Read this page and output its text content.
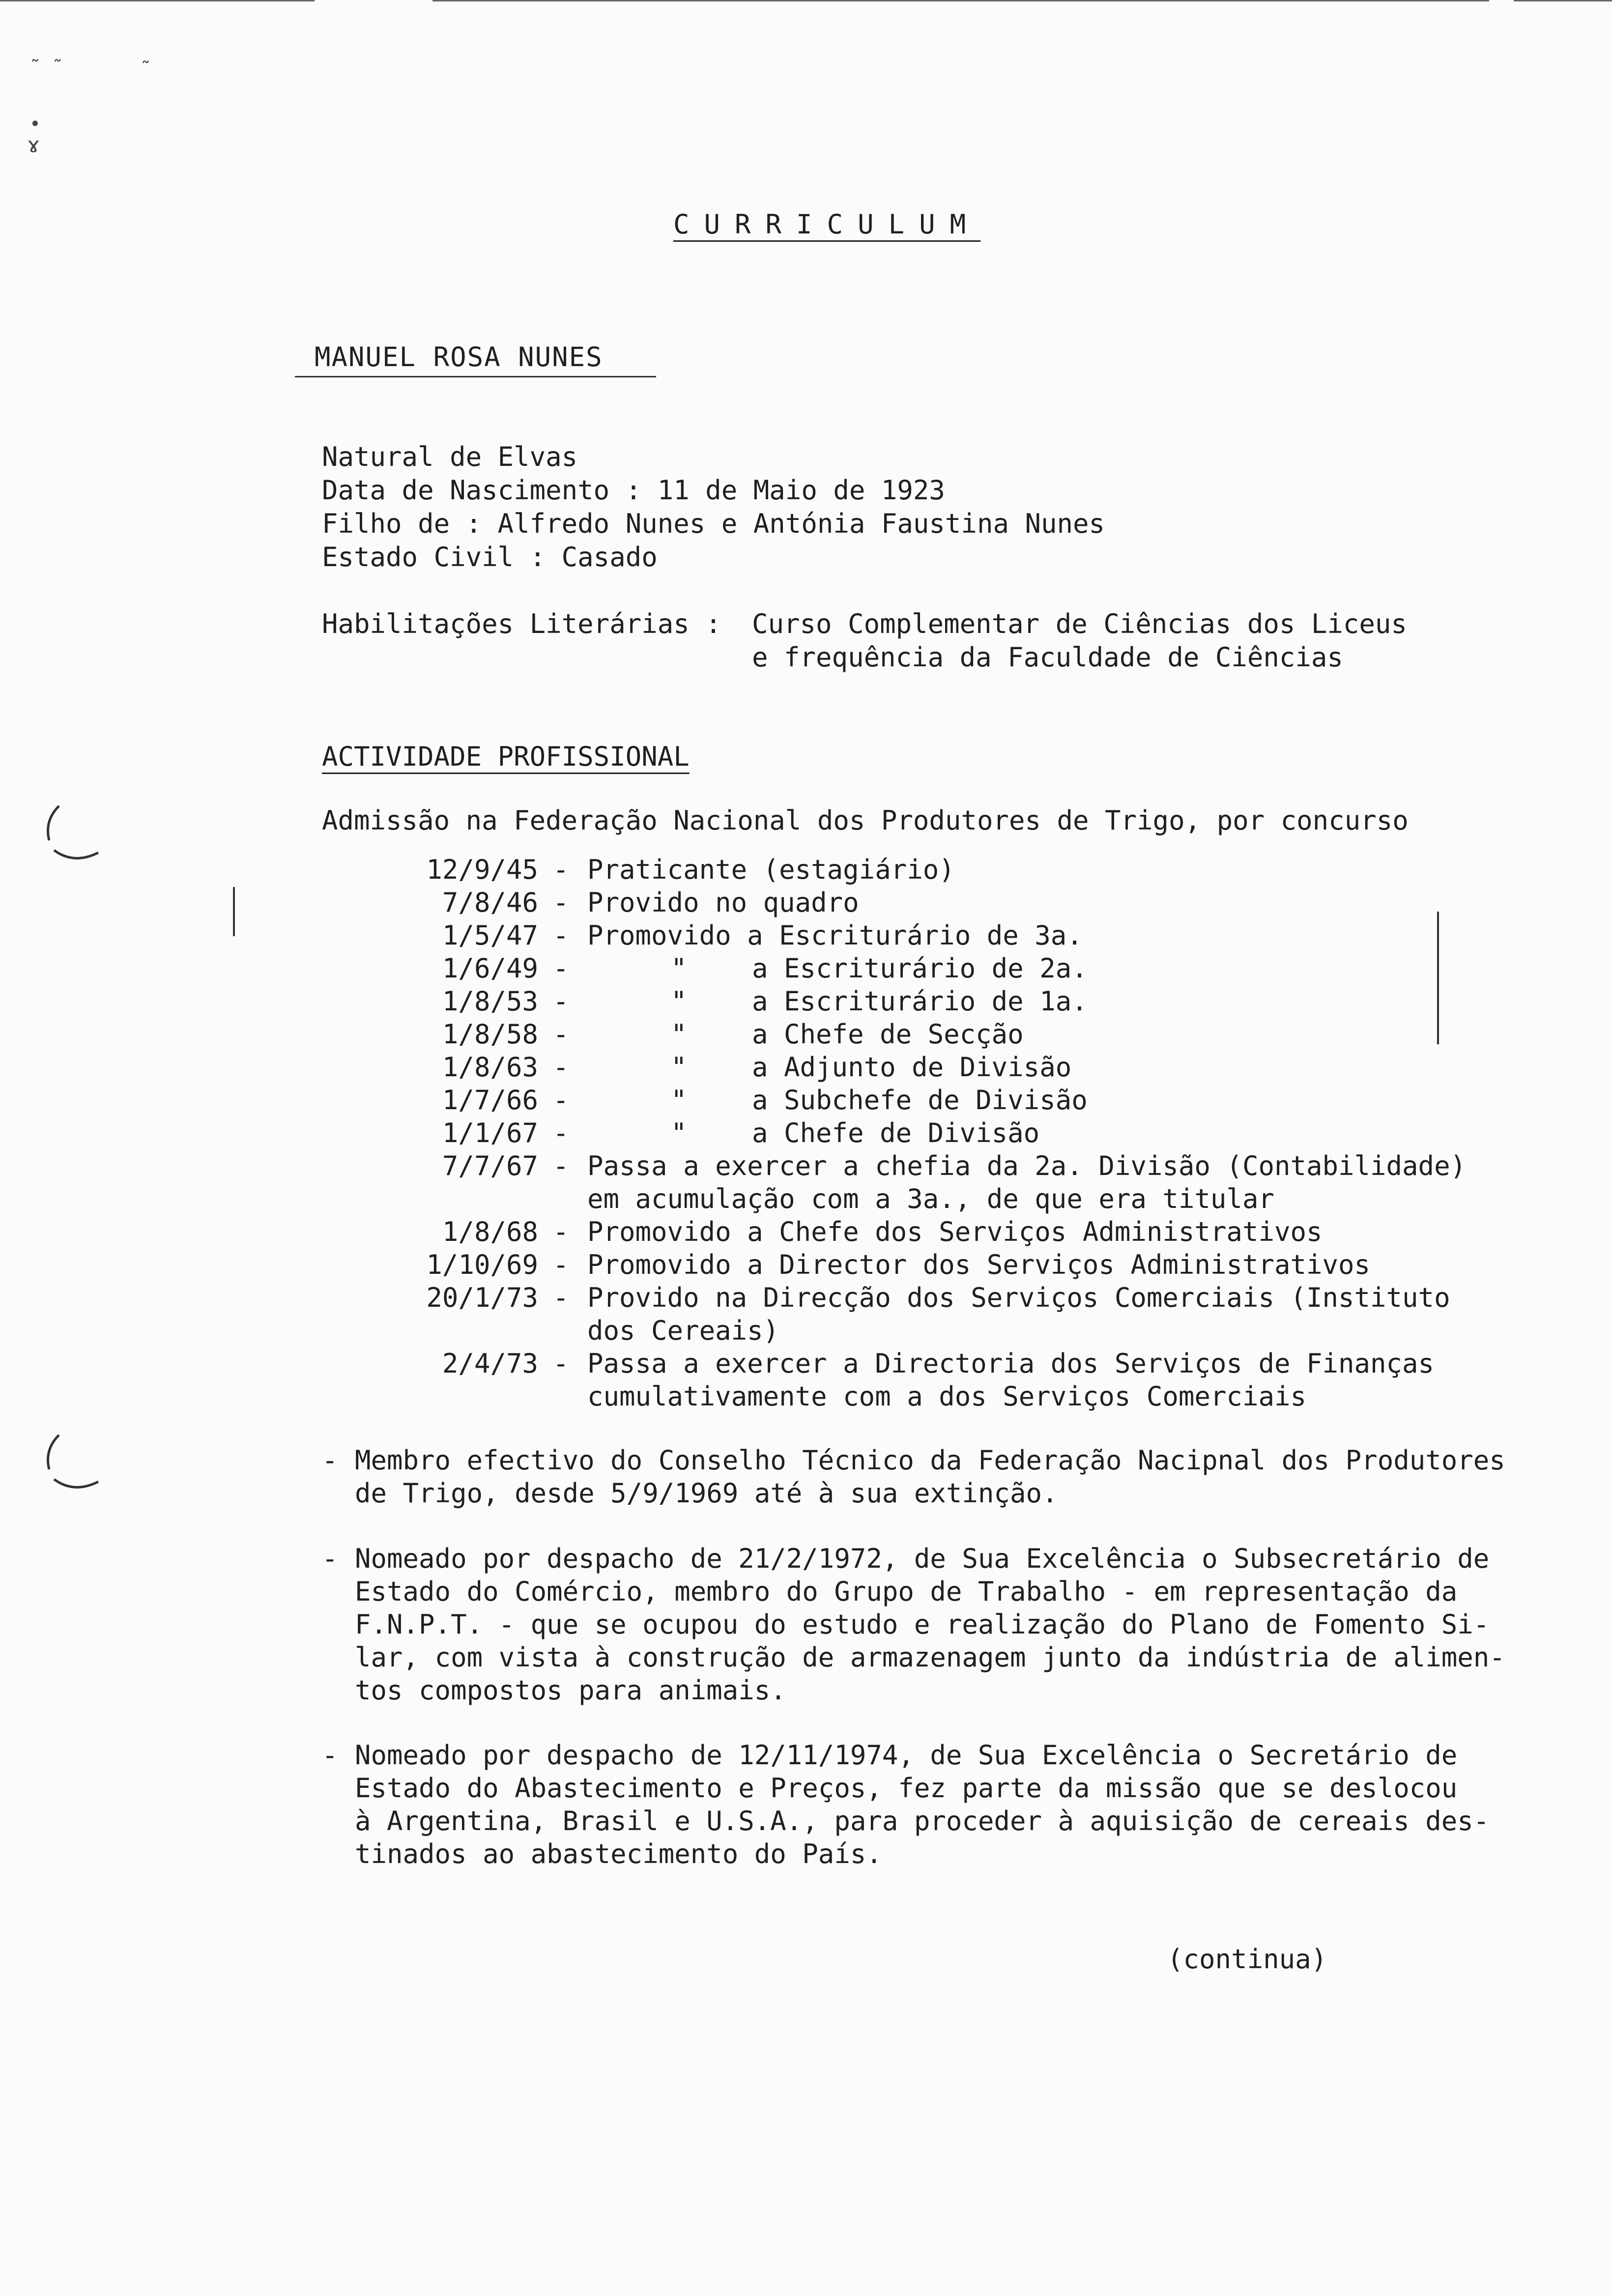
˜ ˜	˜
•
ɤ
CURRICULUM
MANUEL ROSA NUNES
Natural de Elvas
Data de Nascimento : 11 de Maio de 1923
Filho de : Alfredo Nunes e Antónia Faustina Nunes
Estado Civil : Casado
Habilitações Literárias : Curso Complementar de Ciências dos Liceus
e frequência da Faculdade de Ciências
ACTIVIDADE PROFISSIONAL
Admissão na Federação Nacional dos Produtores de Trigo, por concurso
12/9/45 - Praticante (estagiário)
7/8/46 - Provido no quadro
1/5/47 - Promovido a Escriturário de 3a.
1/6/49 -	" a Escriturário de 2a.
1/8/53 -	" a Escriturário de 1a.
1/8/58 -	" a Chefe de Secção
1/8/63 -	" a Adjunto de Divisão
1/7/66 -	" a Subchefe de Divisão
1/1/67 -	" a Chefe de Divisão
7/7/67 - Passa a exercer a chefia da 2a. Divisão (Contabilidade)
em acumulação com a 3a., de que era titular
1/8/68 - Promovido a Chefe dos Serviços Administrativos
1/10/69 - Promovido a Director dos Serviços Administrativos
20/1/73 - Provido na Direcção dos Serviços Comerciais (Instituto
dos Cereais)
2/4/73 - Passa a exercer a Directoria dos Serviços de Finanças
cumulativamente com a dos Serviços Comerciais
- Membro efectivo do Conselho Técnico da Federação Nacipnal dos Produtores
de Trigo, desde 5/9/1969 até à sua extinção.
- Nomeado por despacho de 21/2/1972, de Sua Excelência o Subsecretário de
Estado do Comércio, membro do Grupo de Trabalho - em representação da
F.N.P.T. - que se ocupou do estudo e realização do Plano de Fomento Si-
lar, com vista à construção de armazenagem junto da indústria de alimen-
tos compostos para animais.
- Nomeado por despacho de 12/11/1974, de Sua Excelência o Secretário de
Estado do Abastecimento e Preços, fez parte da missão que se deslocou
à Argentina, Brasil e U.S.A., para proceder à aquisição de cereais des-
tinados ao abastecimento do País.
(continua)
